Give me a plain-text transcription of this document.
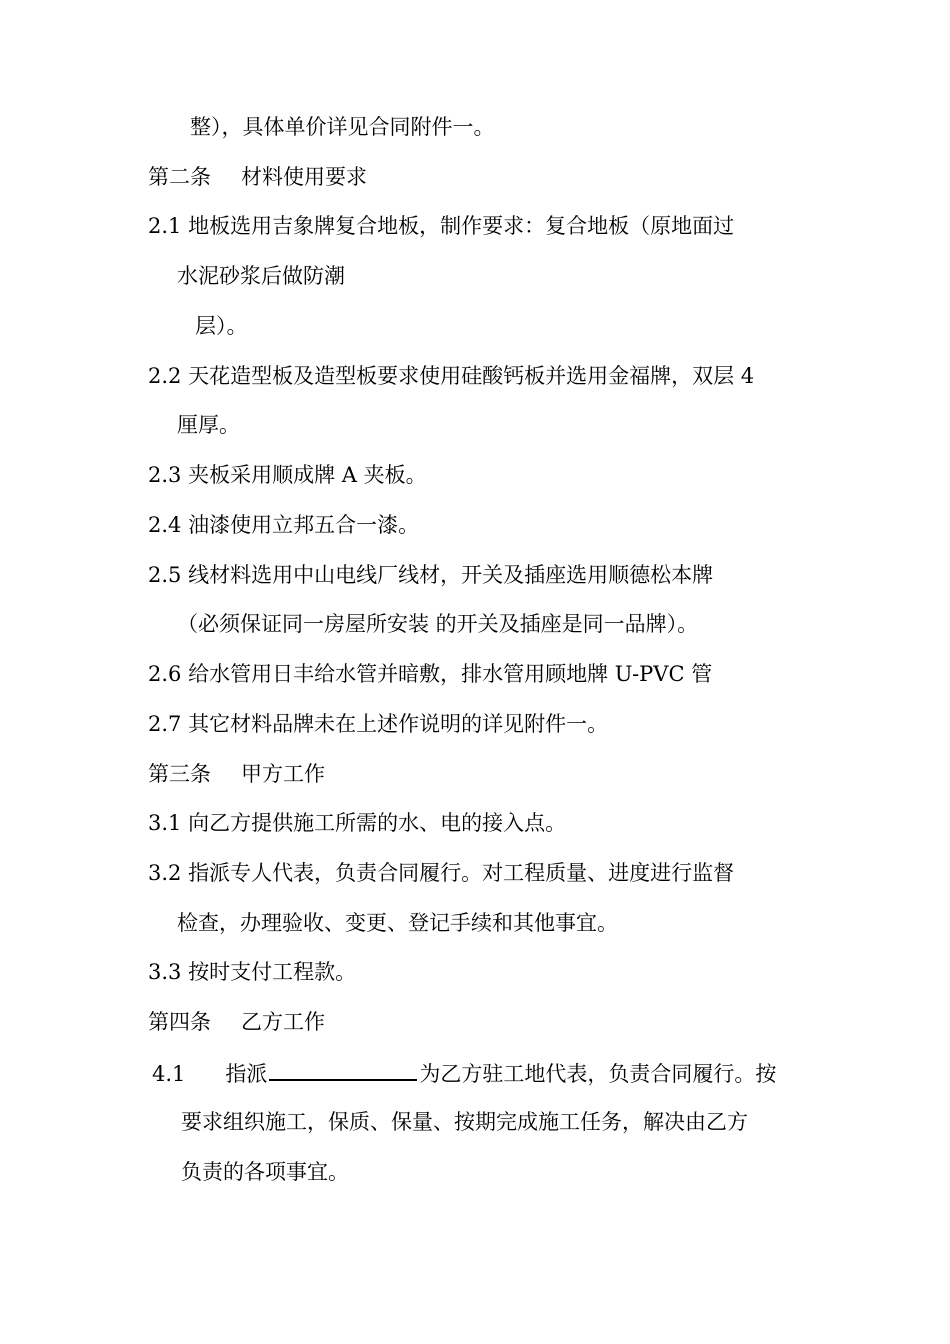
整），具体单价详见合同附件一。
第二条 材料使用要求
2.1 地板选用吉象牌复合地板，制作要求：复合地板（原地面过
水泥砂浆后做防潮
层）。
2.2 天花造型板及造型板要求使用硅酸钙板并选用金福牌，双层 4
厘厚。
2.3 夹板采用顺成牌 A 夹板。
2.4 油漆使用立邦五合一漆。
2.5 线材料选用中山电线厂线材，开关及插座选用顺德松本牌
（必须保证同一房屋所安装 的开关及插座是同一品牌）。
2.6 给水管用日丰给水管并暗敷，排水管用顾地牌 U-PVC 管
2.7 其它材料品牌未在上述作说明的详见附件一。
第三条 甲方工作
3.1 向乙方提供施工所需的水、电的接入点。
3.2 指派专人代表，负责合同履行。对工程质量、进度进行监督
检查，办理验收、变更、登记手续和其他事宜。
3.3 按时支付工程款。
第四条 乙方工作
4.1 指派	为乙方驻工地代表，负责合同履行。按
要求组织施工，保质、保量、按期完成施工任务，解决由乙方
负责的各项事宜。
